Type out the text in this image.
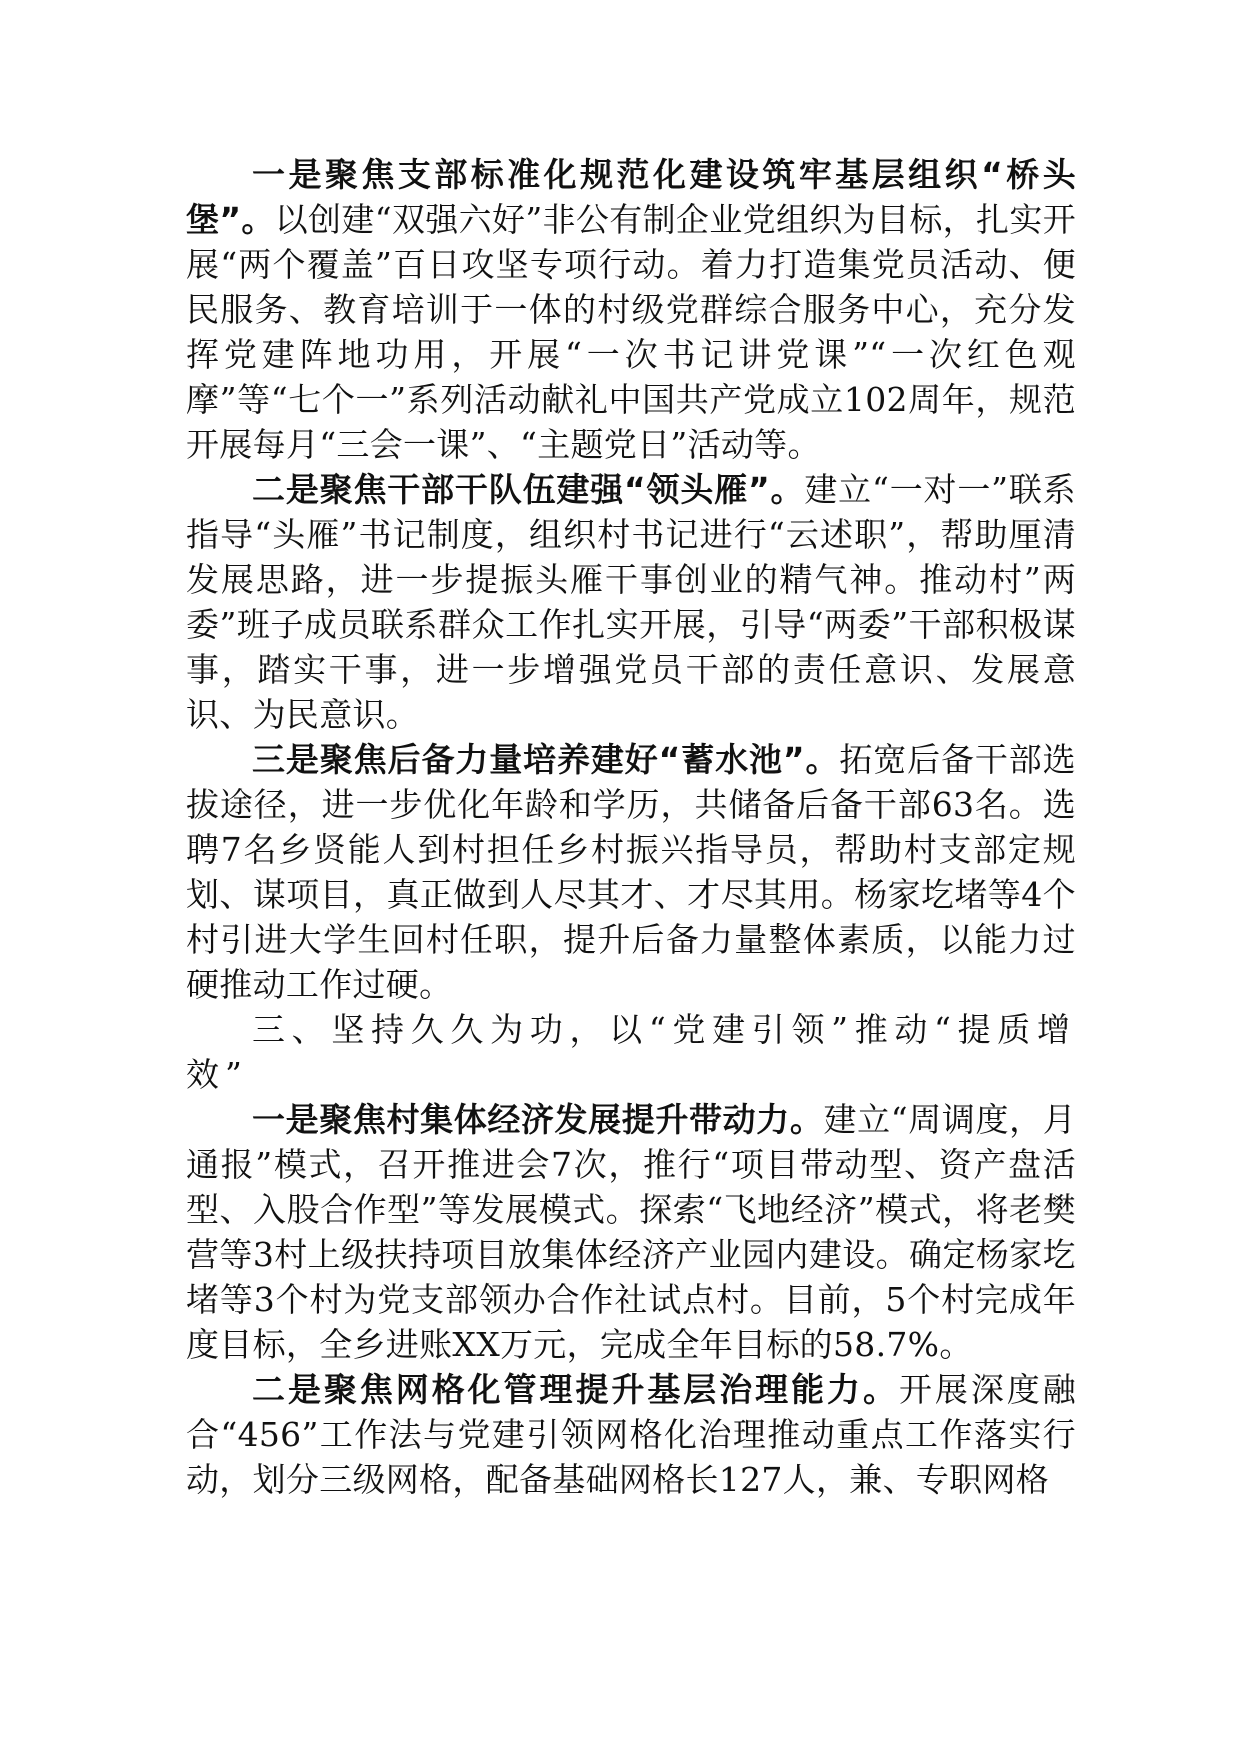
一是聚焦支部标准化规范化建设筑牢基层组织“桥头堡”。以创建“双强六好”非公有制企业党组织为目标，扎实开展“两个覆盖”百日攻坚专项行动。着力打造集党员活动、便民服务、教育培训于一体的村级党群综合服务中心，充分发挥党建阵地功用，开展“一次书记讲党课”“一次红色观摩”等“七个一”系列活动献礼中国共产党成立102周年，规范开展每月“三会一课”、“主题党日”活动等。

二是聚焦干部干队伍建强“领头雁”。建立“一对一”联系指导“头雁”书记制度，组织村书记进行“云述职”，帮助厘清发展思路，进一步提振头雁干事创业的精气神。推动村”两委”班子成员联系群众工作扎实开展，引导“两委”干部积极谋事，踏实干事，进一步增强党员干部的责任意识、发展意识、为民意识。

三是聚焦后备力量培养建好“蓄水池”。拓宽后备干部选拔途径，进一步优化年龄和学历，共储备后备干部63名。选聘7名乡贤能人到村担任乡村振兴指导员，帮助村支部定规划、谋项目，真正做到人尽其才、才尽其用。杨家圪堵等4个村引进大学生回村任职，提升后备力量整体素质，以能力过硬推动工作过硬。

三、坚持久久为功，以“党建引领”推动“提质增效”

一是聚焦村集体经济发展提升带动力。建立“周调度，月通报”模式，召开推进会7次，推行“项目带动型、资产盘活型、入股合作型”等发展模式。探索“飞地经济”模式，将老樊营等3村上级扶持项目放集体经济产业园内建设。确定杨家圪堵等3个村为党支部领办合作社试点村。目前，5个村完成年度目标，全乡进账XX万元，完成全年目标的58.7%。

二是聚焦网格化管理提升基层治理能力。开展深度融合“456”工作法与党建引领网格化治理推动重点工作落实行动，划分三级网格，配备基础网格长127人，兼、专职网格
